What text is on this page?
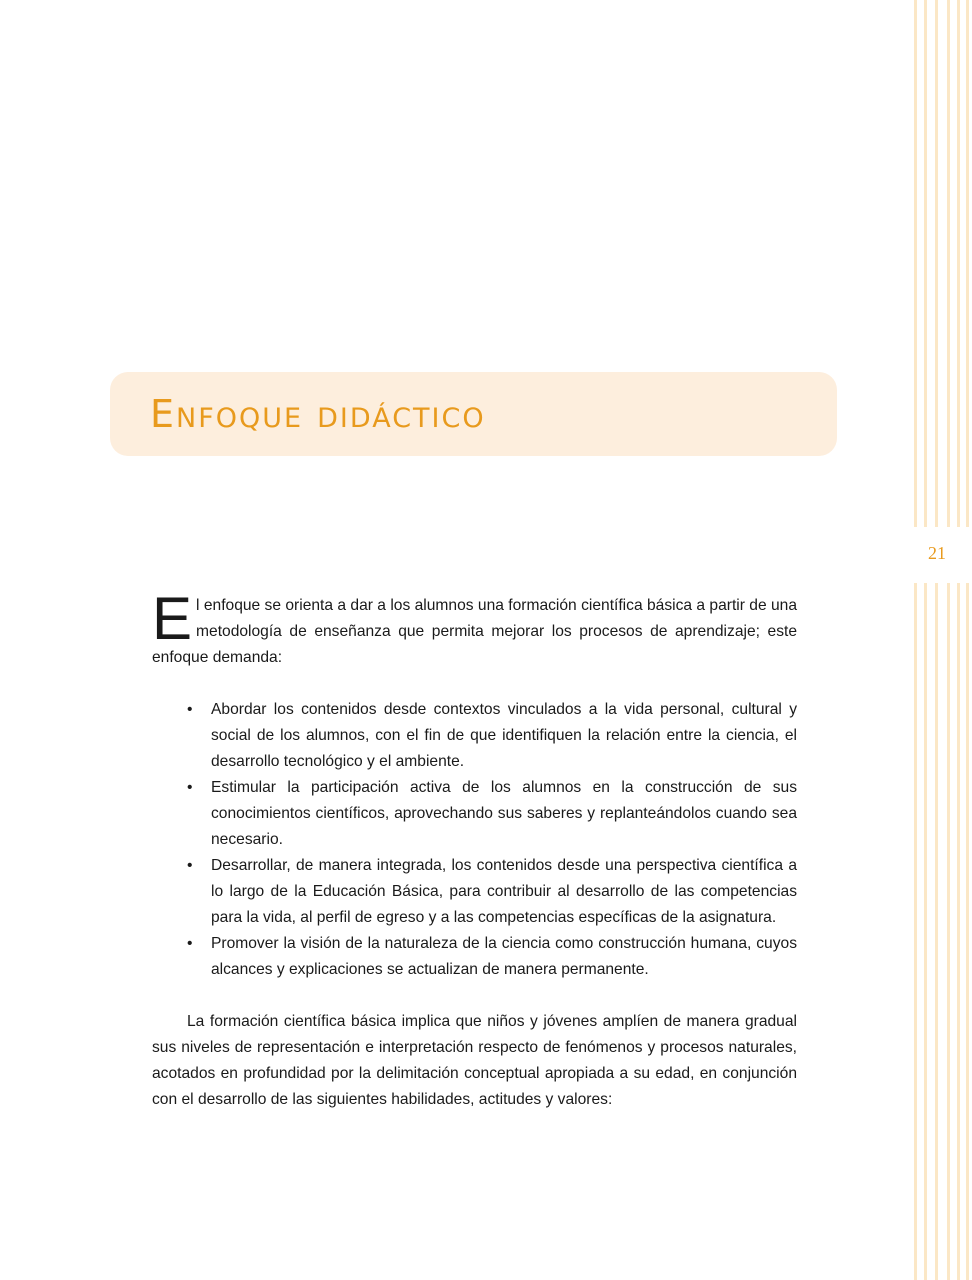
21
Enfoque didáctico

El enfoque se orienta a dar a los alumnos una formación científica básica a partir de una metodología de enseñanza que permita mejorar los procesos de aprendizaje; este enfoque demanda:

• Abordar los contenidos desde contextos vinculados a la vida personal, cultural y social de los alumnos, con el fin de que identifiquen la relación entre la ciencia, el desarrollo tecnológico y el ambiente.
• Estimular la participación activa de los alumnos en la construcción de sus conocimientos científicos, aprovechando sus saberes y replanteándolos cuando sea necesario.
• Desarrollar, de manera integrada, los contenidos desde una perspectiva científica a lo largo de la Educación Básica, para contribuir al desarrollo de las competencias para la vida, al perfil de egreso y a las competencias específicas de la asignatura.
• Promover la visión de la naturaleza de la ciencia como construcción humana, cuyos alcances y explicaciones se actualizan de manera permanente.

La formación científica básica implica que niños y jóvenes amplíen de manera gradual sus niveles de representación e interpretación respecto de fenómenos y procesos naturales, acotados en profundidad por la delimitación conceptual apropiada a su edad, en conjunción con el desarrollo de las siguientes habilidades, actitudes y valores:
